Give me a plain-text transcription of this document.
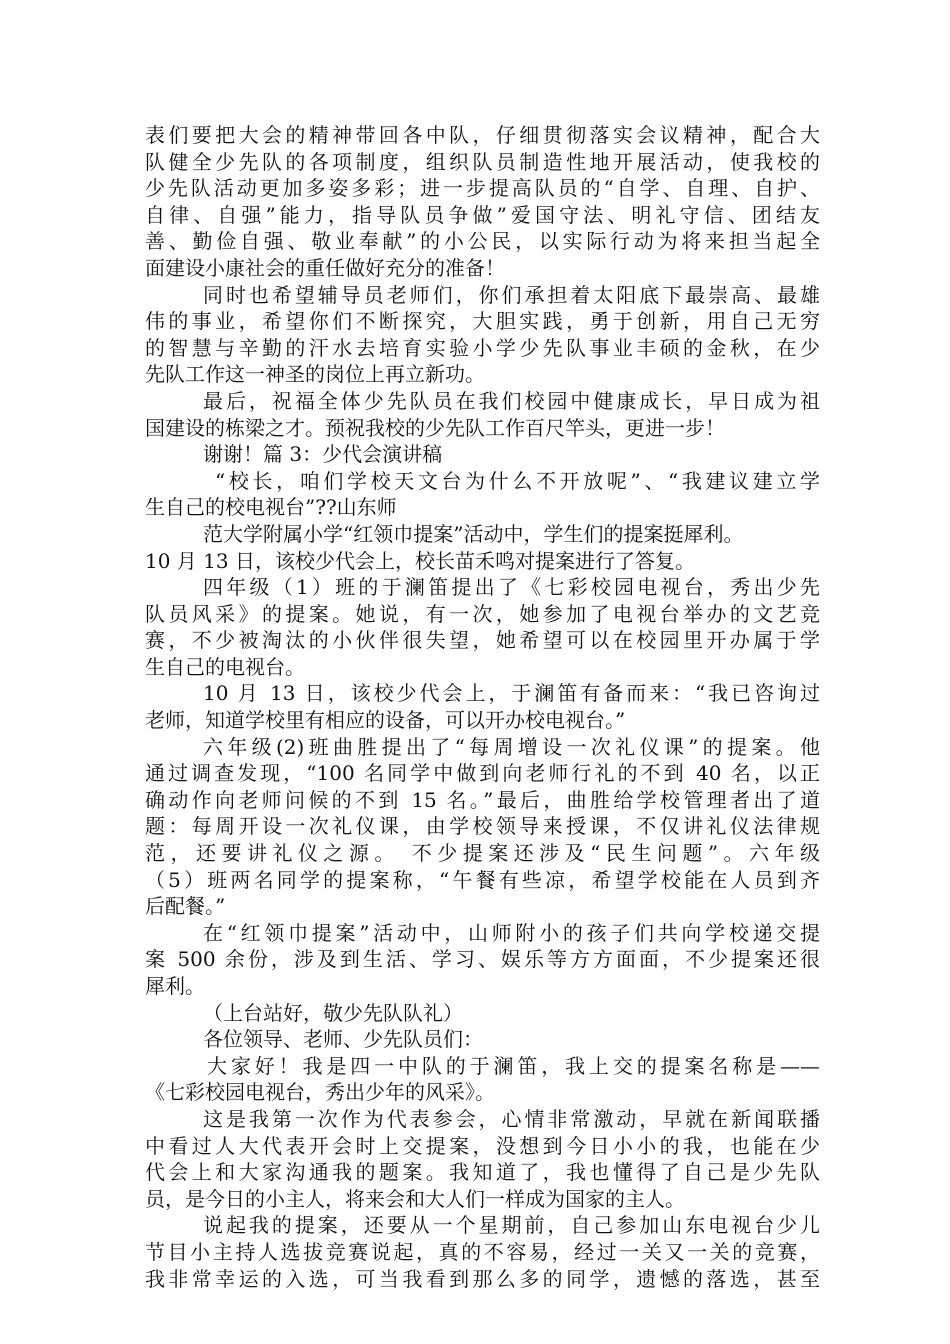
表们要把大会的精神带回各中队，仔细贯彻落实会议精神，配合大
队健全少先队的各项制度，组织队员制造性地开展活动，使我校的
少先队活动更加多姿多彩；进一步提高队员的“自学、自理、自护、
自律、自强”能力，指导队员争做”爱国守法、明礼守信、团结友
善、勤俭自强、敬业奉献”的小公民，以实际行动为将来担当起全
面建设小康社会的重任做好充分的准备！
同时也希望辅导员老师们，你们承担着太阳底下最崇高、最雄
伟的事业，希望你们不断探究，大胆实践，勇于创新，用自己无穷
的智慧与辛勤的汗水去培育实验小学少先队事业丰硕的金秋，在少
先队工作这一神圣的岗位上再立新功。
最后，祝福全体少先队员在我们校园中健康成长，早日成为祖
国建设的栋梁之才。预祝我校的少先队工作百尺竿头，更进一步！
谢谢！篇 3：少代会演讲稿
“校长，咱们学校天文台为什么不开放呢”、“我建议建立学
生自己的校电视台”??山东师
范大学附属小学“红领巾提案”活动中，学生们的提案挺犀利。
10 月 13 日，该校少代会上，校长苗禾鸣对提案进行了答复。
四年级（1）班的于澜笛提出了《七彩校园电视台，秀出少先
队员风采》的提案。她说，有一次，她参加了电视台举办的文艺竞
赛，不少被淘汰的小伙伴很失望，她希望可以在校园里开办属于学
生自己的电视台。
10 月 13 日，该校少代会上，于澜笛有备而来：“我已咨询过
老师，知道学校里有相应的设备，可以开办校电视台。”
六年级(2)班曲胜提出了“每周增设一次礼仪课”的提案。他
通过调查发现，“100 名同学中做到向老师行礼的不到 40 名，以正
确动作向老师问候的不到 15 名。”最后，曲胜给学校管理者出了道
题：每周开设一次礼仪课，由学校领导来授课，不仅讲礼仪法律规
范，还要讲礼仪之源。 不少提案还涉及“民生问题”。六年级
（5）班两名同学的提案称，“午餐有些凉，希望学校能在人员到齐
后配餐。”
在“红领巾提案”活动中，山师附小的孩子们共向学校递交提
案 500 余份，涉及到生活、学习、娱乐等方方面面，不少提案还很
犀利。
（上台站好，敬少先队队礼）
各位领导、老师、少先队员们：
大家好！我是四一中队的于澜笛，我上交的提案名称是——
《七彩校园电视台，秀出少年的风采》。
这是我第一次作为代表参会，心情非常激动，早就在新闻联播
中看过人大代表开会时上交提案，没想到今日小小的我，也能在少
代会上和大家沟通我的题案。我知道了，我也懂得了自己是少先队
员，是今日的小主人，将来会和大人们一样成为国家的主人。
说起我的提案，还要从一个星期前，自己参加山东电视台少儿
节目小主持人选拔竞赛说起，真的不容易，经过一关又一关的竞赛，
我非常幸运的入选，可当我看到那么多的同学，遗憾的落选，甚至
